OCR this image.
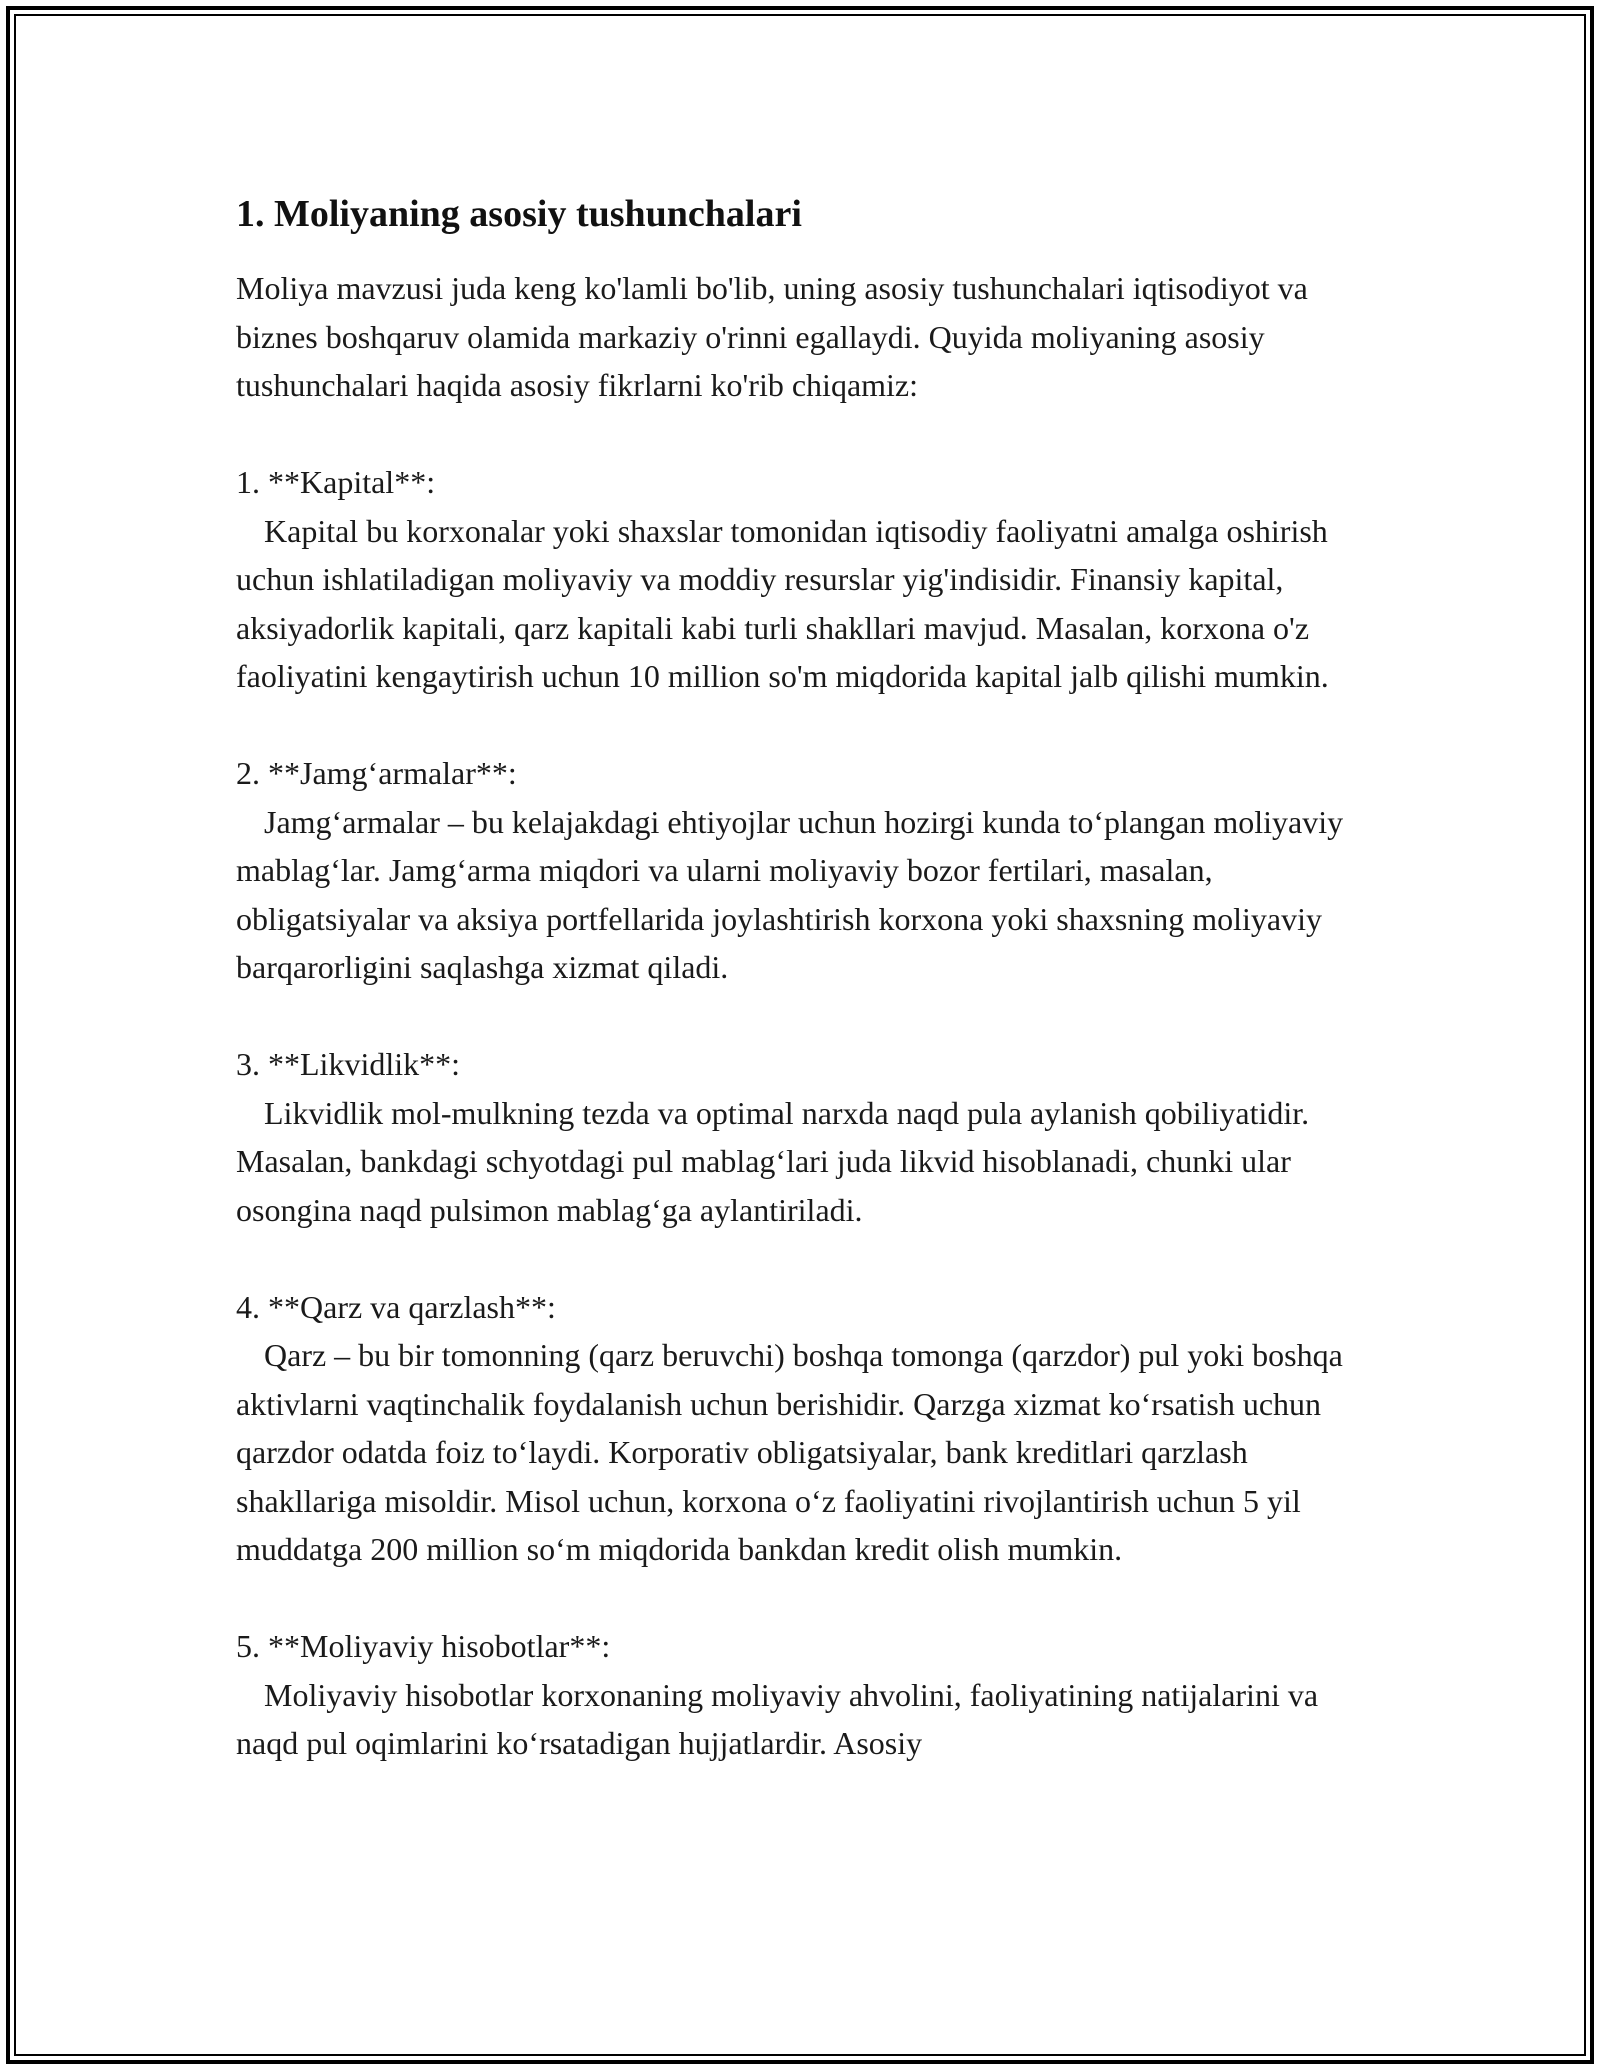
1. Moliyaning asosiy tushunchalari

Moliya mavzusi juda keng ko'lamli bo'lib, uning asosiy tushunchalari iqtisodiyot va biznes boshqaruv olamida markaziy o'rinni egallaydi. Quyida moliyaning asosiy tushunchalari haqida asosiy fikrlarni ko'rib chiqamiz:

1. **Kapital**:

Kapital bu korxonalar yoki shaxslar tomonidan iqtisodiy faoliyatni amalga oshirish uchun ishlatiladigan moliyaviy va moddiy resurslar yig'indisidir. Finansiy kapital, aksiyadorlik kapitali, qarz kapitali kabi turli shakllari mavjud. Masalan, korxona o'z faoliyatini kengaytirish uchun 10 million so'm miqdorida kapital jalb qilishi mumkin.

2. **Jamg‘armalar**:

Jamg‘armalar – bu kelajakdagi ehtiyojlar uchun hozirgi kunda to‘plangan moliyaviy mablag‘lar. Jamg‘arma miqdori va ularni moliyaviy bozor fertilari, masalan, obligatsiyalar va aksiya portfellarida joylashtirish korxona yoki shaxsning moliyaviy barqarorligini saqlashga xizmat qiladi.

3. **Likvidlik**:

Likvidlik mol-mulkning tezda va optimal narxda naqd pula aylanish qobiliyatidir. Masalan, bankdagi schyotdagi pul mablag‘lari juda likvid hisoblanadi, chunki ular osongina naqd pulsimon mablag‘ga aylantiriladi.

4. **Qarz va qarzlash**:

Qarz – bu bir tomonning (qarz beruvchi) boshqa tomonga (qarzdor) pul yoki boshqa aktivlarni vaqtinchalik foydalanish uchun berishidir. Qarzga xizmat ko‘rsatish uchun qarzdor odatda foiz to‘laydi. Korporativ obligatsiyalar, bank kreditlari qarzlash shakllariga misoldir. Misol uchun, korxona o‘z faoliyatini rivojlantirish uchun 5 yil muddatga 200 million so‘m miqdorida bankdan kredit olish mumkin.

5. **Moliyaviy hisobotlar**:

Moliyaviy hisobotlar korxonaning moliyaviy ahvolini, faoliyatining natijalarini va naqd pul oqimlarini ko‘rsatadigan hujjatlardir. Asosiy
